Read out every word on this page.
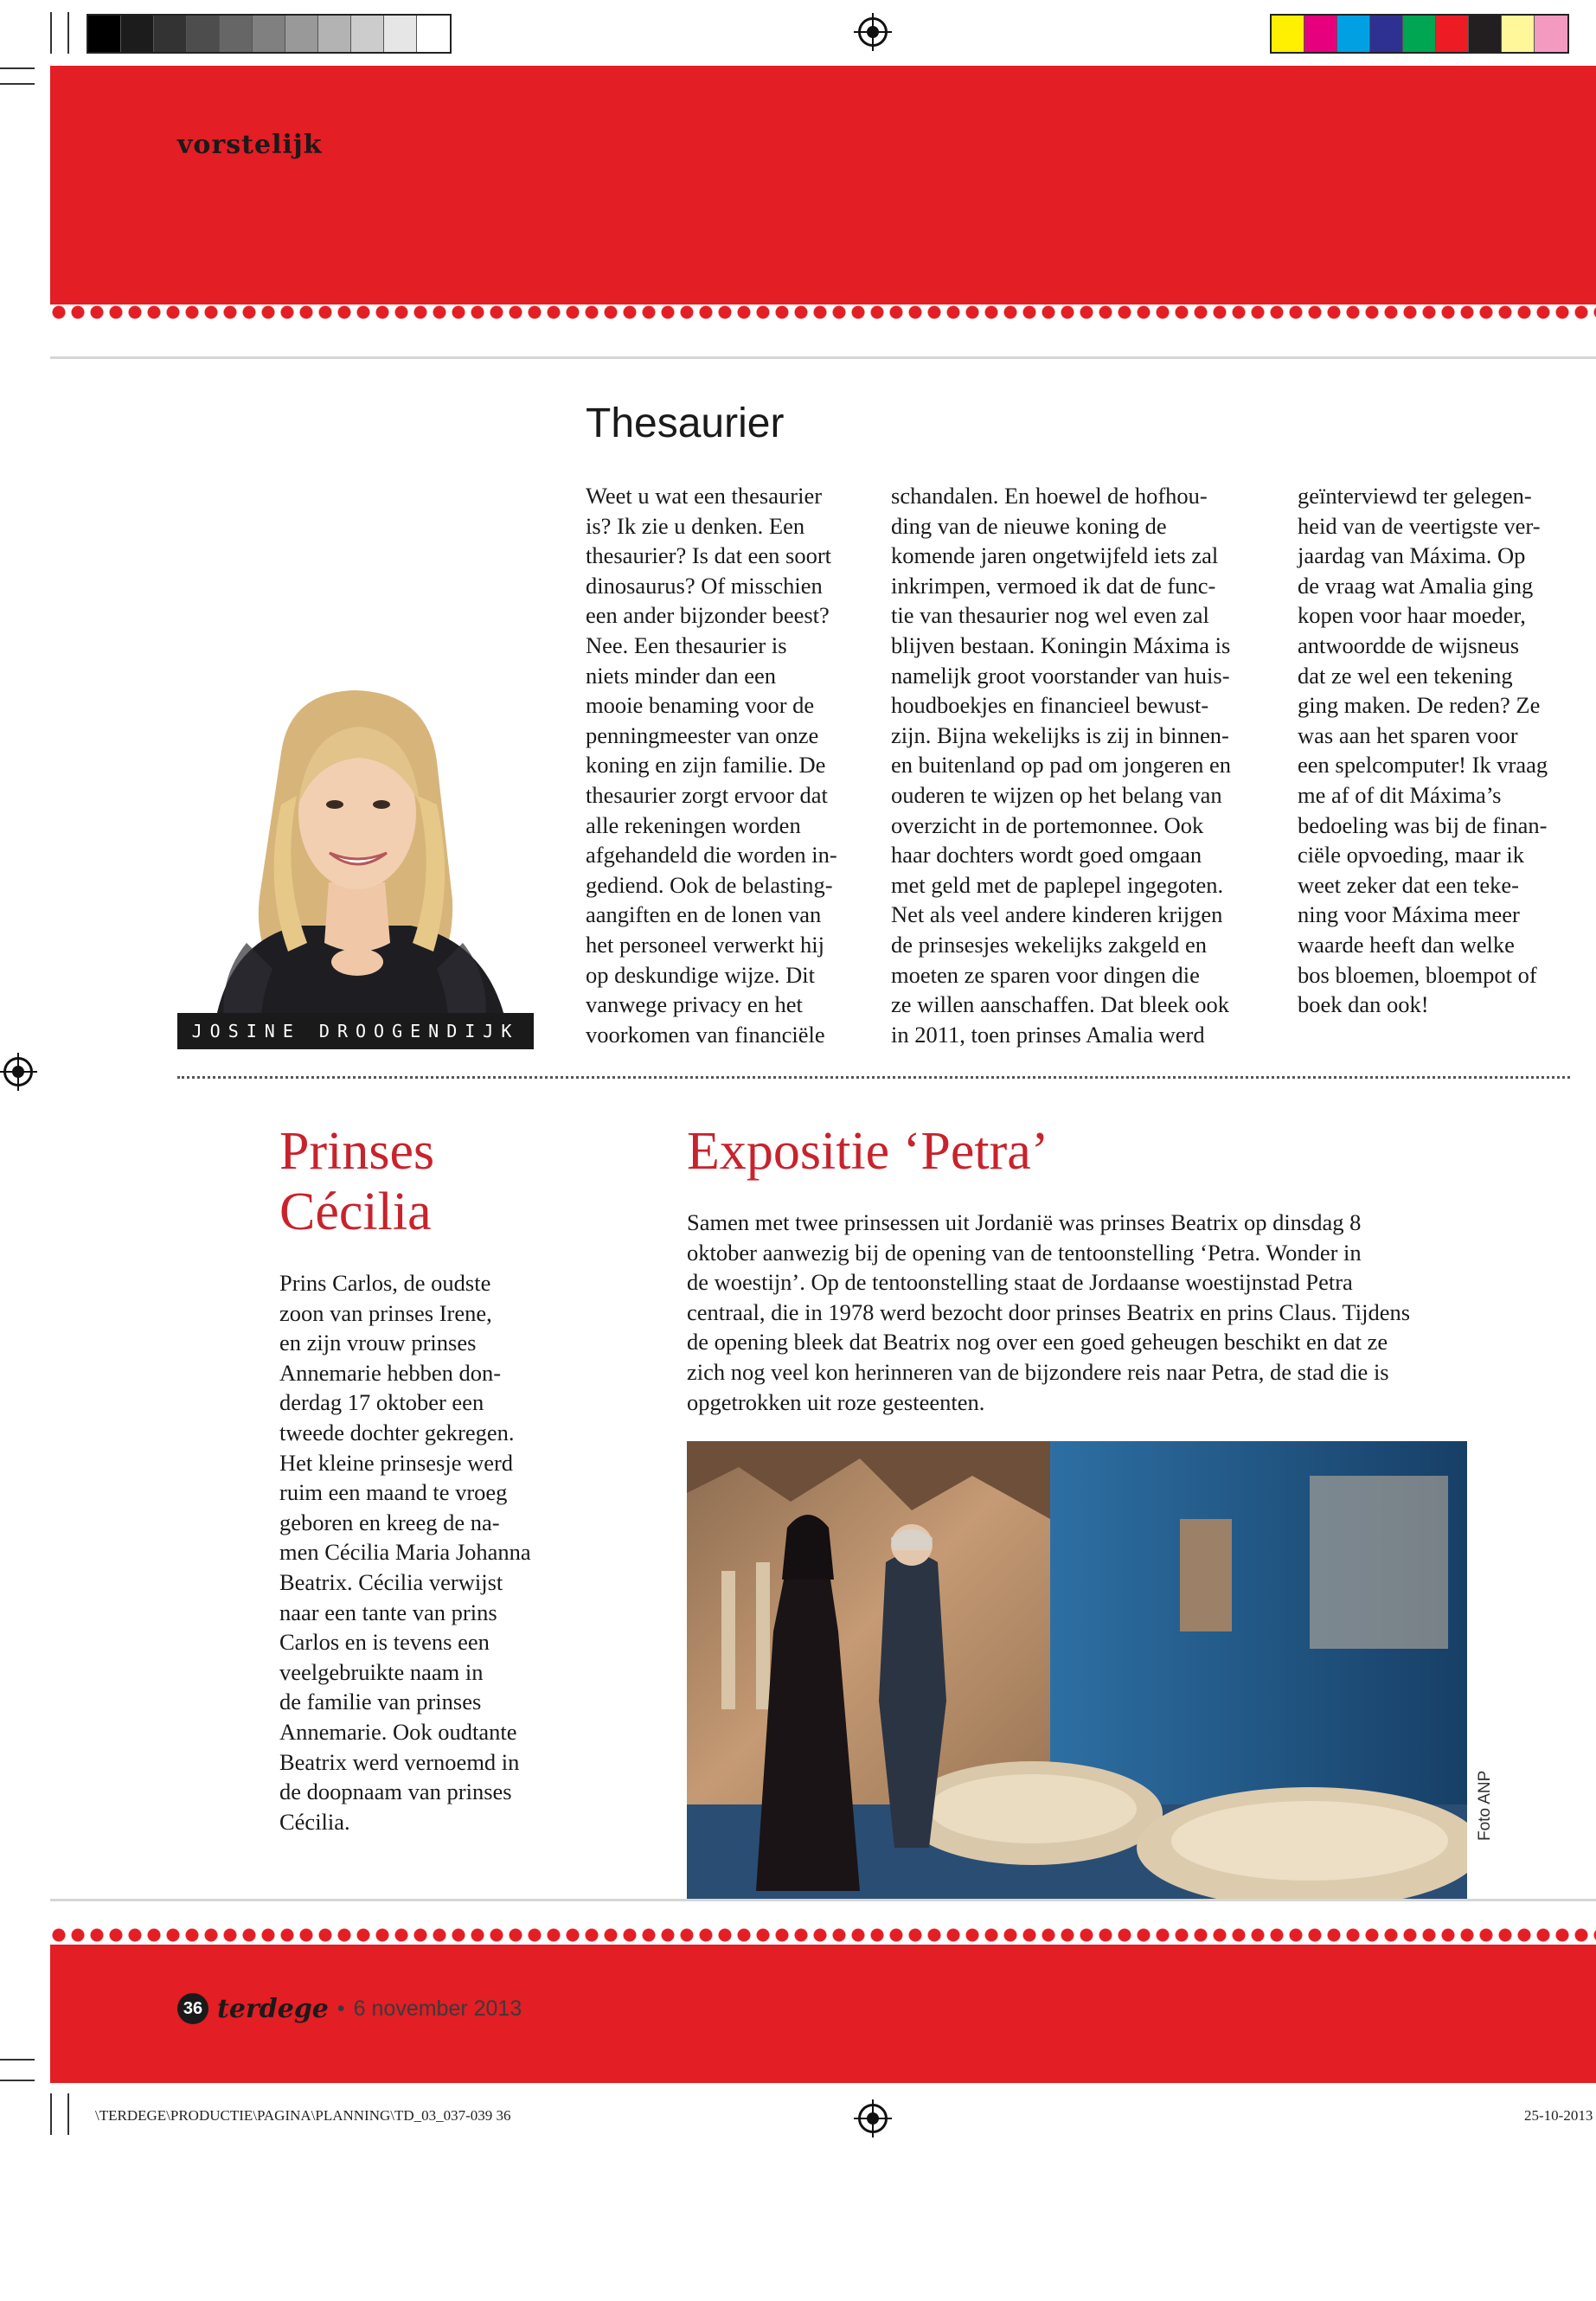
vorstelijk
Thesaurier
JOSINE DROOGENDIJK

Weet u wat een thesaurier

is? Ik zie u denken. Een

thesaurier? Is dat een soort

dinosaurus? Of misschien

een ander bijzonder beest?

Nee. Een thesaurier is

niets minder dan een

mooie benaming voor de

penningmeester van onze

koning en zijn familie. De

thesaurier zorgt ervoor dat

alle rekeningen worden

afgehandeld die worden in-

gediend. Ook de belasting-

aangiften en de lonen van

het personeel verwerkt hij

op deskundige wijze. Dit

vanwege privacy en het

voorkomen van financiële

schandalen. En hoewel de hofhou-

ding van de nieuwe koning de

komende jaren ongetwijfeld iets zal

inkrimpen, vermoed ik dat de func-

tie van thesaurier nog wel even zal

blijven bestaan. Koningin Máxima is

namelijk groot voorstander van huis-

houdboekjes en financieel bewust-

zijn. Bijna wekelijks is zij in binnen-

en buitenland op pad om jongeren en

ouderen te wijzen op het belang van

overzicht in de portemonnee. Ook

haar dochters wordt goed omgaan

met geld met de paplepel ingegoten.

Net als veel andere kinderen krijgen

de prinsesjes wekelijks zakgeld en

moeten ze sparen voor dingen die

ze willen aanschaffen. Dat bleek ook

in 2011, toen prinses Amalia werd

geïnterviewd ter gelegen-

heid van de veertigste ver-

jaardag van Máxima. Op

de vraag wat Amalia ging

kopen voor haar moeder,

antwoordde de wijsneus

dat ze wel een tekening

ging maken. De reden? Ze

was aan het sparen voor

een spelcomputer! Ik vraag

me af of dit Máxima’s

bedoeling was bij de finan-

ciële opvoeding, maar ik

weet zeker dat een teke-

ning voor Máxima meer

waarde heeft dan welke

bos bloemen, bloempot of

boek dan ook!

Prinses
Cécilia

Prins Carlos, de oudste

zoon van prinses Irene,

en zijn vrouw prinses

Annemarie hebben don-

derdag 17 oktober een

tweede dochter gekregen.

Het kleine prinsesje werd

ruim een maand te vroeg

geboren en kreeg de na-

men Cécilia Maria Johanna

Beatrix. Cécilia verwijst

naar een tante van prins

Carlos en is tevens een

veelgebruikte naam in

de familie van prinses

Annemarie. Ook oudtante

Beatrix werd vernoemd in

de doopnaam van prinses

Cécilia.

Expositie ‘Petra’

Samen met twee prinsessen uit Jordanië was prinses Beatrix op dinsdag 8

oktober aanwezig bij de opening van de tentoonstelling ‘Petra. Wonder in

de woestijn’. Op de tentoonstelling staat de Jordaanse woestijnstad Petra

centraal, die in 1978 werd bezocht door prinses Beatrix en prins Claus. Tijdens

de opening bleek dat Beatrix nog over een goed geheugen beschikt en dat ze

zich nog veel kon herinneren van de bijzondere reis naar Petra, de stad die is

opgetrokken uit roze gesteenten.

Foto ANP
36 terdege • 6 november 2013
\TERDEGE\PRODUCTIE\PAGINA\PLANNING\TD_03_037-039 36	25-10-2013
